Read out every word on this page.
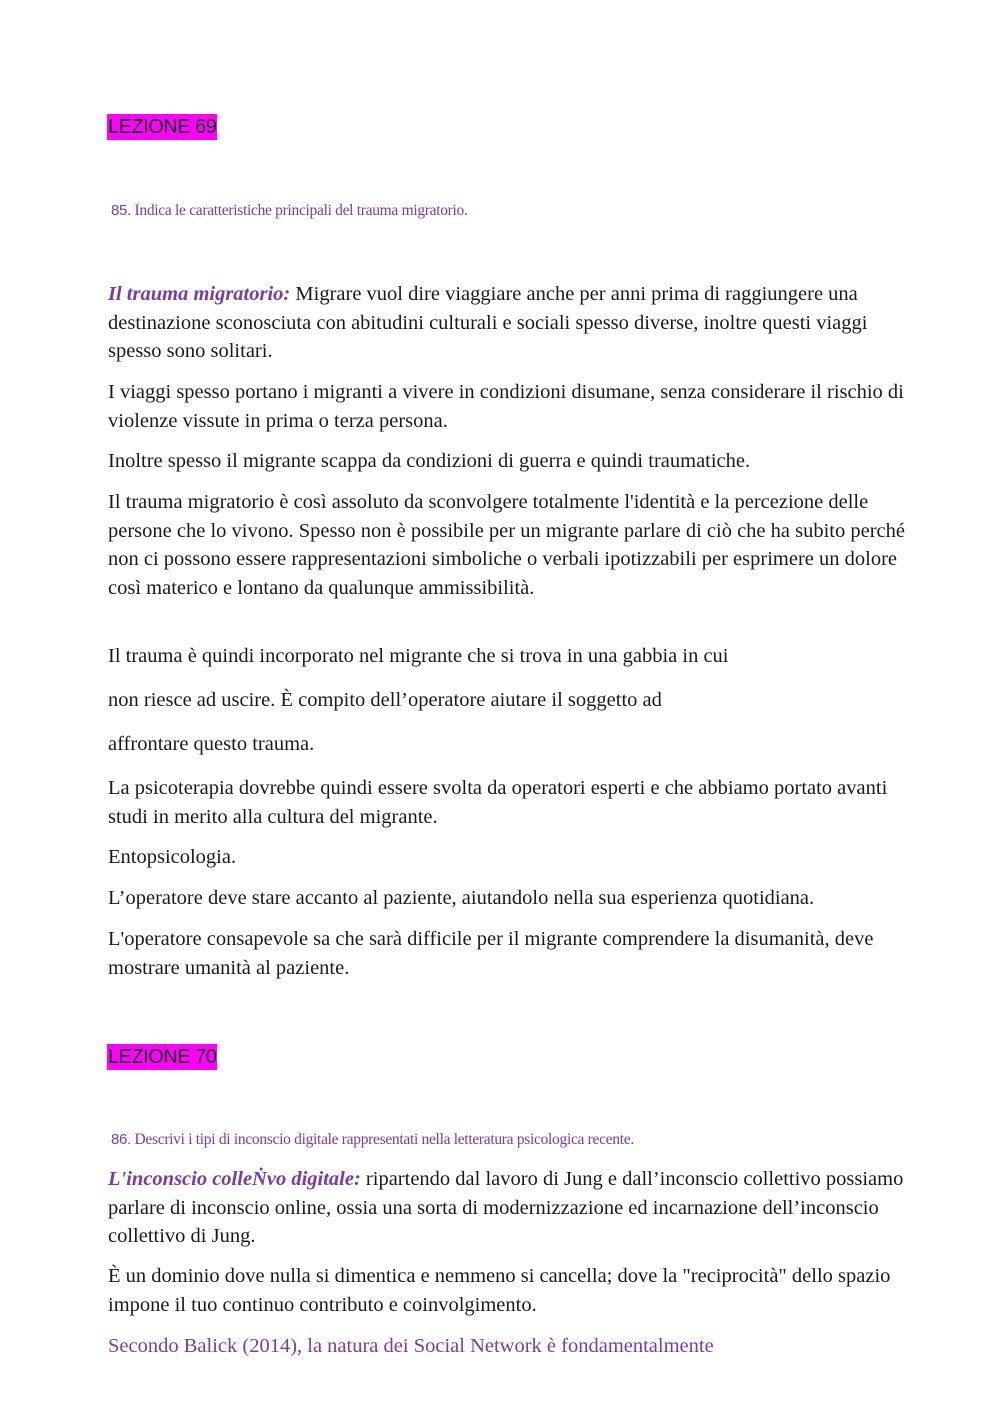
LEZIONE 69
85. Indica le caratteristiche principali del trauma migratorio.

Il trauma migratorio: Migrare vuol dire viaggiare anche per anni prima di raggiungere una destinazione sconosciuta con abitudini culturali e sociali spesso diverse, inoltre questi viaggi spesso sono solitari.

I viaggi spesso portano i migranti a vivere in condizioni disumane, senza considerare il rischio di violenze vissute in prima o terza persona.

Inoltre spesso il migrante scappa da condizioni di guerra e quindi traumatiche.

Il trauma migratorio è così assoluto da sconvolgere totalmente l'identità e la percezione delle persone che lo vivono. Spesso non è possibile per un migrante parlare di ciò che ha subito perché non ci possono essere rappresentazioni simboliche o verbali ipotizzabili per esprimere un dolore così materico e lontano da qualunque ammissibilità.

Il trauma è quindi incorporato nel migrante che si trova in una gabbia in cui

non riesce ad uscire. È compito dell’operatore aiutare il soggetto ad

affrontare questo trauma.

La psicoterapia dovrebbe quindi essere svolta da operatori esperti e che abbiamo portato avanti studi in merito alla cultura del migrante.

Entopsicologia.

L’operatore deve stare accanto al paziente, aiutandolo nella sua esperienza quotidiana.

L'operatore consapevole sa che sarà difficile per il migrante comprendere la disumanità, deve mostrare umanità al paziente.

LEZIONE 70
86. Descrivi i tipi di inconscio digitale rappresentati nella letteratura psicologica recente.

L'inconscio colleṄvo digitale: ripartendo dal lavoro di Jung e dall’inconscio collettivo possiamo parlare di inconscio online, ossia una sorta di modernizzazione ed incarnazione dell’inconscio collettivo di Jung.

È un dominio dove nulla si dimentica e nemmeno si cancella; dove la "reciprocità" dello spazio impone il tuo continuo contributo e coinvolgimento.

Secondo Balick (2014), la natura dei Social Network è fondamentalmente
